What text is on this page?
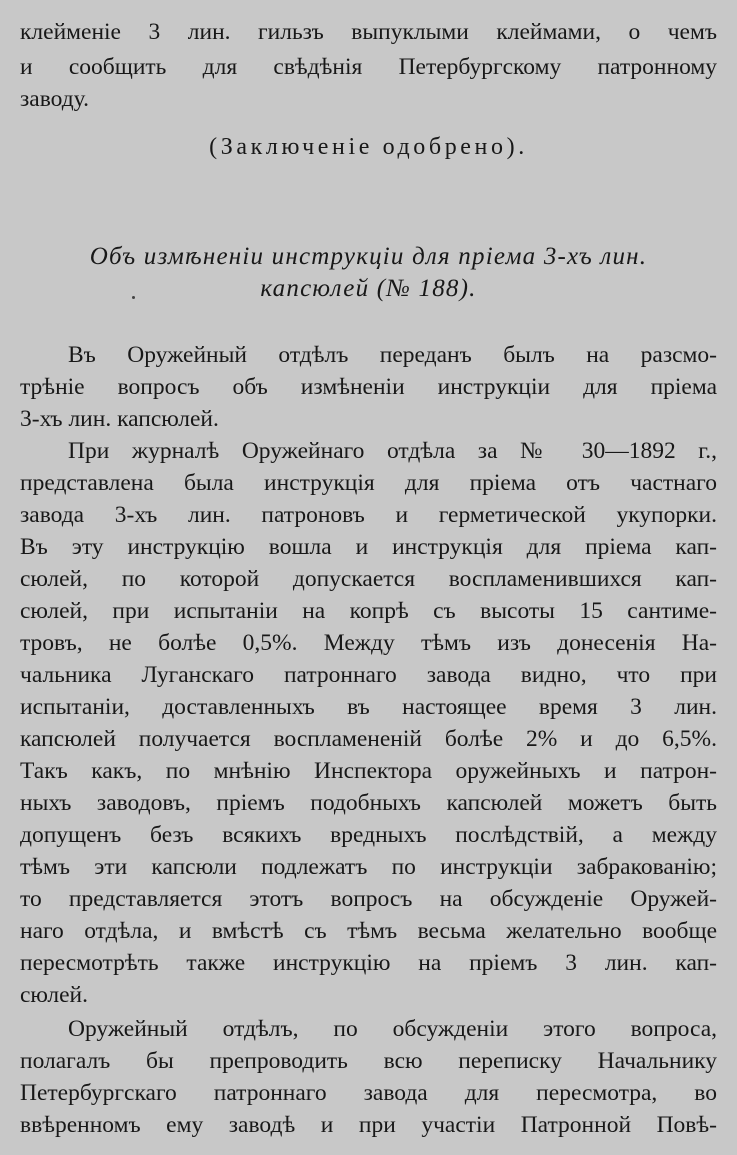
клейменіе 3 лин. гильзъ выпуклыми клеймами, о чемъ
и сообщить для свѣдѣнія Петербургскому патронному
заводу.
(Заключеніе одобрено).
Объ измѣненіи инструкціи для пріема 3-хъ лин.
капсюлей (№ 188).
Въ Оружейный отдѣлъ переданъ былъ на разсмо-
трѣніе вопросъ объ измѣненіи инструкціи для пріема
3-хъ лин. капсюлей.
При журналѣ Оружейнаго отдѣла за № 30—1892 г.,
представлена была инструкція для пріема отъ частнаго
завода 3-хъ лин. патроновъ и герметической укупорки.
Въ эту инструкцію вошла и инструкція для пріема кап-
сюлей, по которой допускается воспламенившихся кап-
сюлей, при испытаніи на копрѣ съ высоты 15 сантиме-
тровъ, не болѣе 0,5%. Между тѣмъ изъ донесенія На-
чальника Луганскаго патроннаго завода видно, что при
испытаніи, доставленныхъ въ настоящее время 3 лин.
капсюлей получается воспламененій болѣе 2% и до 6,5%.
Такъ какъ, по мнѣнію Инспектора оружейныхъ и патрон-
ныхъ заводовъ, пріемъ подобныхъ капсюлей можетъ быть
допущенъ безъ всякихъ вредныхъ послѣдствій, а между
тѣмъ эти капсюли подлежатъ по инструкціи забракованію;
то представляется этотъ вопросъ на обсужденіе Оружей-
наго отдѣла, и вмѣстѣ съ тѣмъ весьма желательно вообще
пересмотрѣть также инструкцію на пріемъ 3 лин. кап-
сюлей.
Оружейный отдѣлъ, по обсужденіи этого вопроса,
полагалъ бы препроводить всю переписку Начальнику
Петербургскаго патроннаго завода для пересмотра, во
ввѣренномъ ему заводѣ и при участіи Патронной Повѣ-
